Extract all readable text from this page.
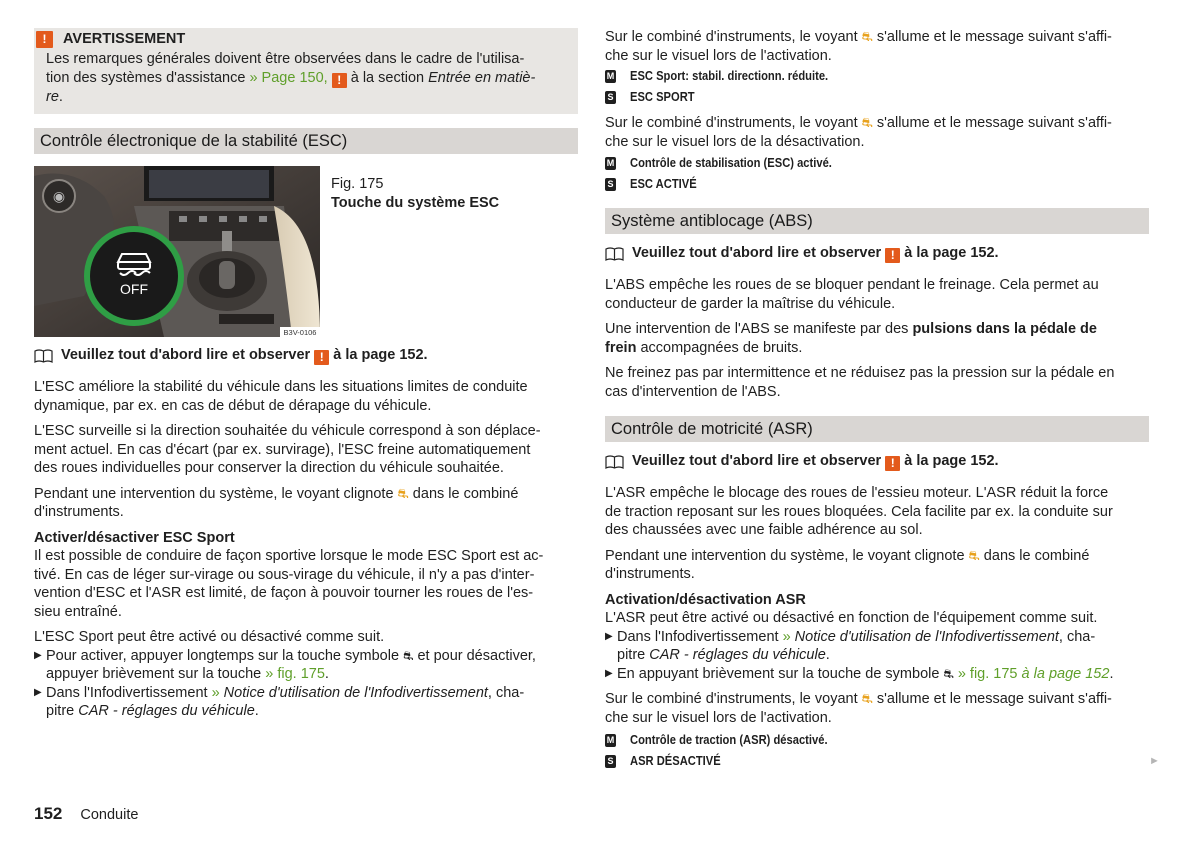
!	AVERTISSEMENT

Les remarques générales doivent être observées dans le cadre de l'utilisa-

tion des systèmes d'assistance » Page 150, ! à la section Entrée en matiè-

re.

Contrôle électronique de la stabilité (ESC)
◉
OFF
B3V-0106

Fig. 175

Touche du système ESC

Veuillez tout d'abord lire et observer ! à la page 152.

L'ESC améliore la stabilité du véhicule dans les situations limites de conduite

dynamique, par ex. en cas de début de dérapage du véhicule.

L'ESC surveille si la direction souhaitée du véhicule correspond à son déplace-

ment actuel. En cas d'écart (par ex. survirage), l'ESC freine automatiquement

des roues individuelles pour conserver la direction du véhicule souhaitée.

Pendant une intervention du système, le voyant clignote ⛐ dans le combiné

d'instruments.

Activer/désactiver ESC Sport

Il est possible de conduire de façon sportive lorsque le mode ESC Sport est ac-

tivé. En cas de léger sur-virage ou sous-virage du véhicule, il n'y a pas d'inter-

vention d'ESC et l'ASR est limité, de façon à pouvoir tourner les roues de l'es-

sieu entraîné.

L'ESC Sport peut être activé ou désactivé comme suit.

▶ Pour activer, appuyer longtemps sur la touche symbole ⛐ et pour désactiver,

appuyer brièvement sur la touche » fig. 175.

▶ Dans l'Infodivertissement » Notice d'utilisation de l'Infodivertissement, cha-

pitre CAR - réglages du véhicule.

Sur le combiné d'instruments, le voyant ⛐ s'allume et le message suivant s'affi-

che sur le visuel lors de l'activation.

M ESC Sport: stabil. directionn. réduite.
S ESC SPORT

Sur le combiné d'instruments, le voyant ⛐ s'allume et le message suivant s'affi-

che sur le visuel lors de la désactivation.

M Contrôle de stabilisation (ESC) activé.
S ESC ACTIVÉ
Système antiblocage (ABS)
Veuillez tout d'abord lire et observer ! à la page 152.

L'ABS empêche les roues de se bloquer pendant le freinage. Cela permet au

conducteur de garder la maîtrise du véhicule.

Une intervention de l'ABS se manifeste par des pulsions dans la pédale de

frein accompagnées de bruits.

Ne freinez pas par intermittence et ne réduisez pas la pression sur la pédale en

cas d'intervention de l'ABS.

Contrôle de motricité (ASR)
Veuillez tout d'abord lire et observer ! à la page 152.

L'ASR empêche le blocage des roues de l'essieu moteur. L'ASR réduit la force

de traction reposant sur les roues bloquées. Cela facilite par ex. la conduite sur

des chaussées avec une faible adhérence au sol.

Pendant une intervention du système, le voyant clignote ⛐ dans le combiné

d'instruments.

Activation/désactivation ASR

L'ASR peut être activé ou désactivé en fonction de l'équipement comme suit.

▶ Dans l'Infodivertissement » Notice d'utilisation de l'Infodivertissement, cha-

pitre CAR - réglages du véhicule.

▶ En appuyant brièvement sur la touche de symbole ⛐ » fig. 175 à la page 152.

Sur le combiné d'instruments, le voyant ⛐ s'allume et le message suivant s'affi-

che sur le visuel lors de l'activation.

M Contrôle de traction (ASR) désactivé.
S ASR DÉSACTIVÉ	►
152 Conduite
